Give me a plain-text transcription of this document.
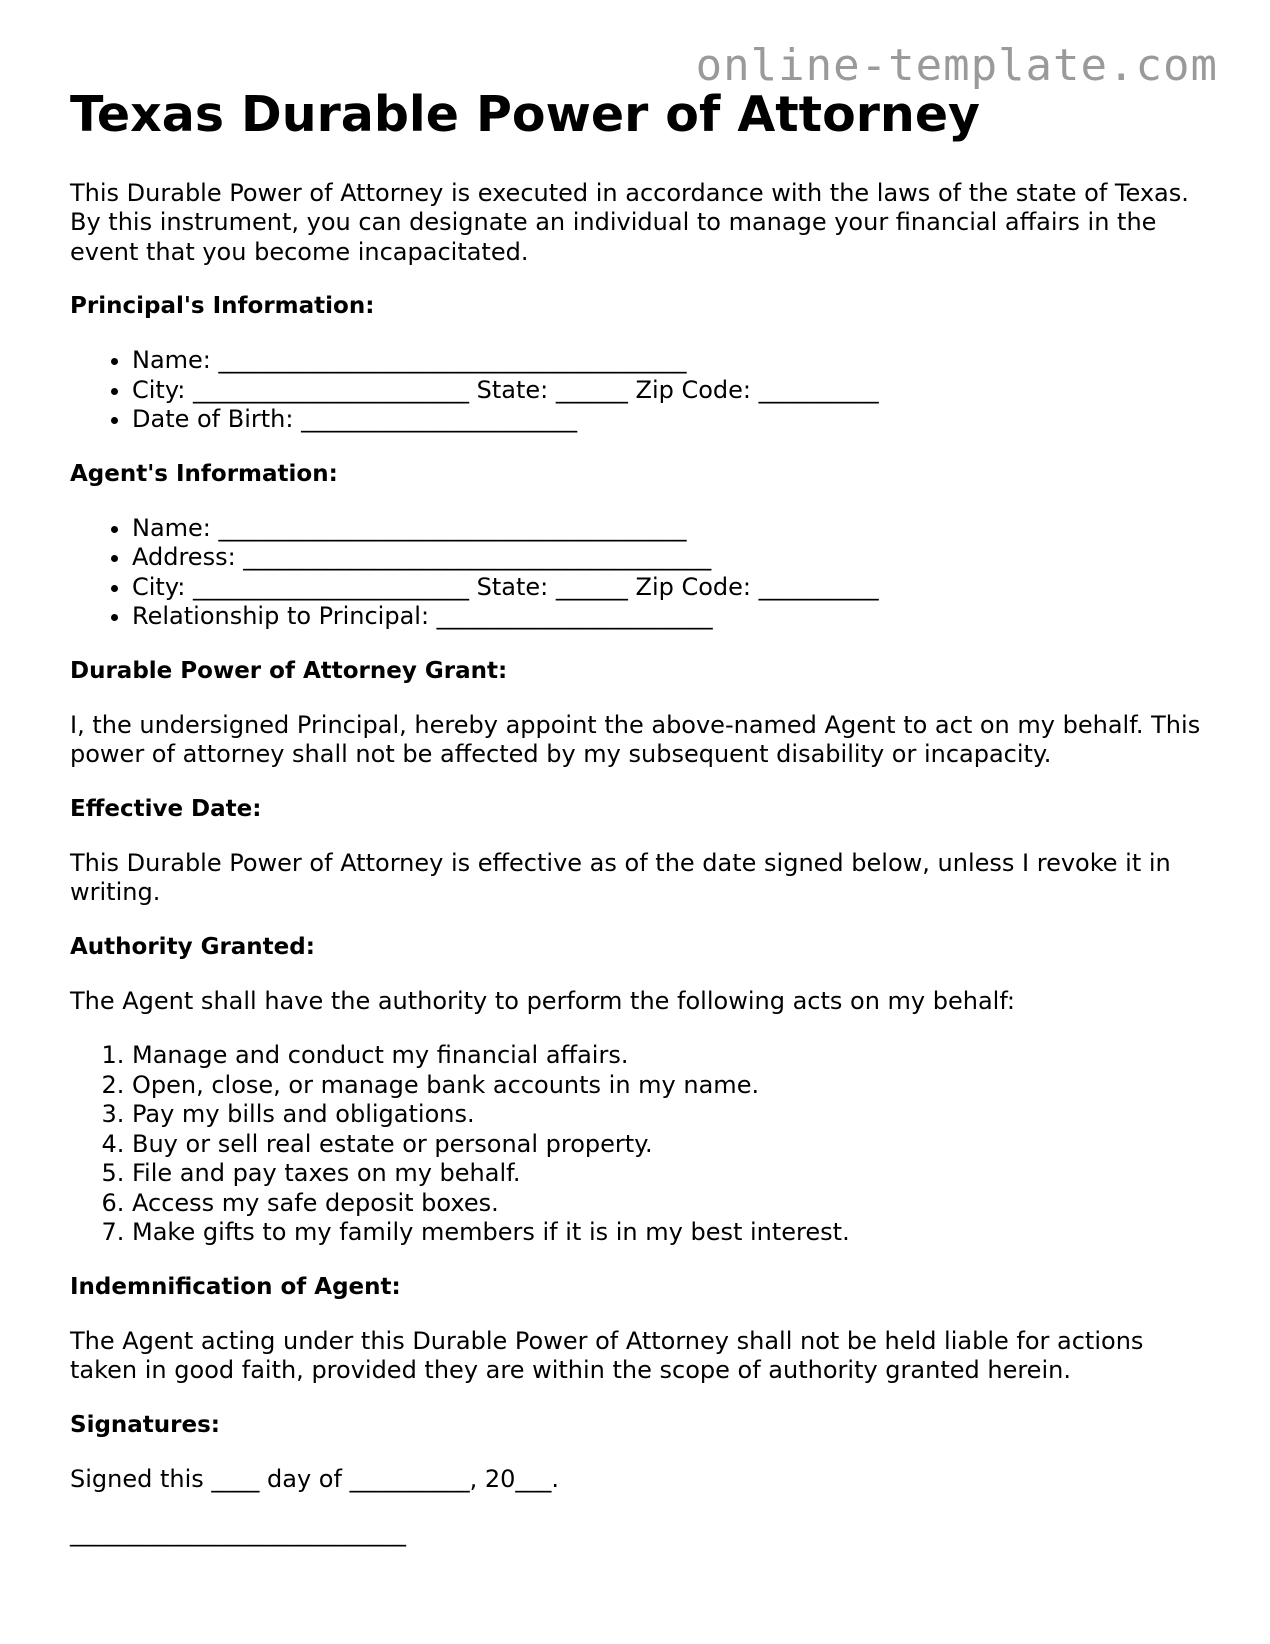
online-template.com
Texas Durable Power of Attorney

This Durable Power of Attorney is executed in accordance with the laws of the state of Texas. By this instrument, you can designate an individual to manage your financial affairs in the event that you become incapacitated.

Principal's Information:
• Name: _______________________________________
• City: _______________________ State: ______ Zip Code: __________
• Date of Birth: _______________________
Agent's Information:
• Name: _______________________________________
• Address: _______________________________________
• City: _______________________ State: ______ Zip Code: __________
• Relationship to Principal: _______________________
Durable Power of Attorney Grant:

I, the undersigned Principal, hereby appoint the above-named Agent to act on my behalf. This power of attorney shall not be affected by my subsequent disability or incapacity.

Effective Date:

This Durable Power of Attorney is effective as of the date signed below, unless I revoke it in writing.

Authority Granted:

The Agent shall have the authority to perform the following acts on my behalf:

1. Manage and conduct my financial affairs.
2. Open, close, or manage bank accounts in my name.
3. Pay my bills and obligations.
4. Buy or sell real estate or personal property.
5. File and pay taxes on my behalf.
6. Access my safe deposit boxes.
7. Make gifts to my family members if it is in my best interest.
Indemnification of Agent:

The Agent acting under this Durable Power of Attorney shall not be held liable for actions taken in good faith, provided they are within the scope of authority granted herein.

Signatures:
Signed this ____ day of __________, 20___.
____________________________
